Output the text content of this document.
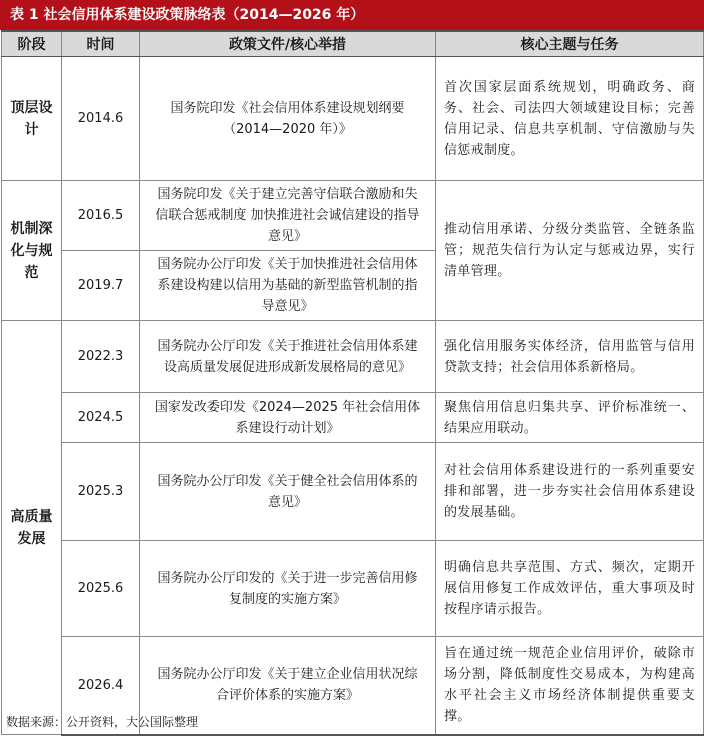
表 1 社会信用体系建设政策脉络表（2014—2026 年）
阶段	时间	政策文件/核心举措	核心主题与任务
顶层设计	2014.6	国务院印发《社会信用体系建设规划纲要（2014—2020 年）》	首次国家层面系统规划，明确政务、商务、社会、司法四大领域建设目标；完善信用记录、信息共享机制、守信激励与失信惩戒制度。
机制深化与规范	2016.5	国务院印发《关于建立完善守信联合激励和失信联合惩戒制度 加快推进社会诚信建设的指导意见》	推动信用承诺、分级分类监管、全链条监管；规范失信行为认定与惩戒边界，实行清单管理。
	2019.7	国务院办公厅印发《关于加快推进社会信用体系建设构建以信用为基础的新型监管机制的指导意见》	
高质量发展	2022.3	国务院办公厅印发《关于推进社会信用体系建设高质量发展促进形成新发展格局的意见》	强化信用服务实体经济，信用监管与信用贷款支持；社会信用体系新格局。
	2024.5	国家发改委印发《2024—2025 年社会信用体系建设行动计划》	聚焦信用信息归集共享、评价标准统一、结果应用联动。
	2025.3	国务院办公厅印发《关于健全社会信用体系的意见》	对社会信用体系建设进行的一系列重要安排和部署，进一步夯实社会信用体系建设的发展基础。
	2025.6	国务院办公厅印发的《关于进一步完善信用修复制度的实施方案》	明确信息共享范围、方式、频次，定期开展信用修复工作成效评估，重大事项及时按程序请示报告。
	2026.4	国务院办公厅印发《关于建立企业信用状况综合评价体系的实施方案》	旨在通过统一规范企业信用评价，破除市场分割，降低制度性交易成本，为构建高水平社会主义市场经济体制提供重要支撑。
数据来源：公开资料，大公国际整理
